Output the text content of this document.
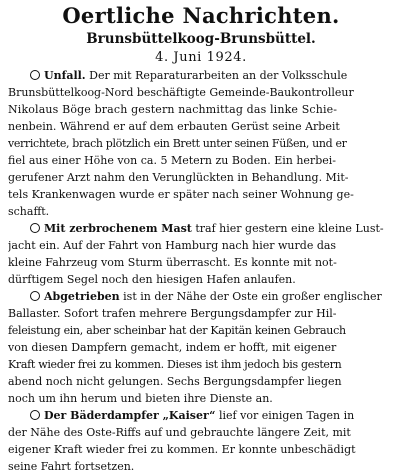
Oertliche Nachrichten.
Brunsbüttelkoog-Brunsbüttel.
4. Juni 1924.
Unfall. Der mit Reparaturarbeiten an der Volksschule
Brunsbüttelkoog-Nord beschäftigte Gemeinde-Baukontrolleur
Nikolaus Böge brach gestern nachmittag das linke Schie-
nenbein. Während er auf dem erbauten Gerüst seine Arbeit
verrichtete, brach plötzlich ein Brett unter seinen Füßen, und er
fiel aus einer Höhe von ca. 5 Metern zu Boden. Ein herbei-
gerufener Arzt nahm den Verunglückten in Behandlung. Mit-
tels Krankenwagen wurde er später nach seiner Wohnung ge-
schafft.
Mit zerbrochenem Mast traf hier gestern eine kleine Lust-
jacht ein. Auf der Fahrt von Hamburg nach hier wurde das
kleine Fahrzeug vom Sturm überrascht. Es konnte mit not-
dürftigem Segel noch den hiesigen Hafen anlaufen.
Abgetrieben ist in der Nähe der Oste ein großer englischer
Ballaster. Sofort trafen mehrere Bergungsdampfer zur Hil-
feleistung ein, aber scheinbar hat der Kapitän keinen Gebrauch
von diesen Dampfern gemacht, indem er hofft, mit eigener
Kraft wieder frei zu kommen. Dieses ist ihm jedoch bis gestern
abend noch nicht gelungen. Sechs Bergungsdampfer liegen
noch um ihn herum und bieten ihre Dienste an.
Der Bäderdampfer „Kaiser“ lief vor einigen Tagen in
der Nähe des Oste-Riffs auf und gebrauchte längere Zeit, mit
eigener Kraft wieder frei zu kommen. Er konnte unbeschädigt
seine Fahrt fortsetzen.
